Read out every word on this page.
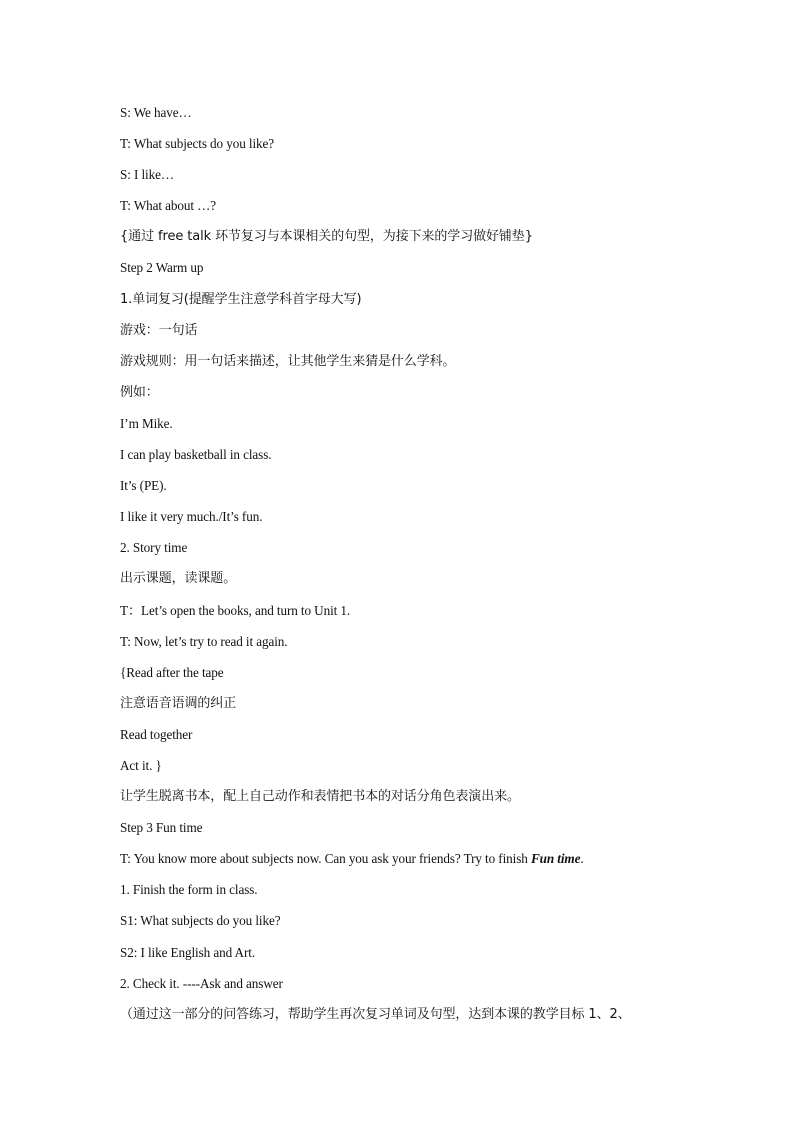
S: We have…
T: What subjects do you like?
S: I like…
T: What about …?
{通过 free talk 环节复习与本课相关的句型，为接下来的学习做好铺垫}
Step 2 Warm up
1.单词复习(提醒学生注意学科首字母大写)
游戏：一句话
游戏规则：用一句话来描述，让其他学生来猜是什么学科。
例如：
I’m Mike.
I can play basketball in class.
It’s (PE).
I like it very much./It’s fun.
2. Story time
出示课题，读课题。
T：Let’s open the books, and turn to Unit 1.
T: Now, let’s try to read it again.
{Read after the tape
注意语音语调的纠正
Read together
Act it. }
让学生脱离书本，配上自己动作和表情把书本的对话分角色表演出来。
Step 3 Fun time
T: You know more about subjects now. Can you ask your friends? Try to finish Fun time.
1. Finish the form in class.
S1: What subjects do you like?
S2: I like English and Art.
2. Check it. ----Ask and answer
（通过这一部分的问答练习，帮助学生再次复习单词及句型，达到本课的教学目标 1、2、
